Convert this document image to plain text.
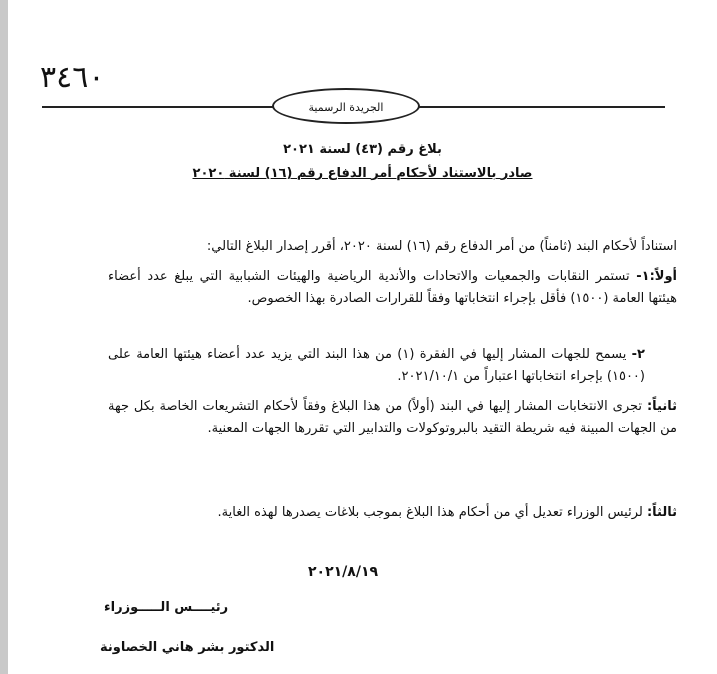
٣٤٦٠
الجريدة الرسمية
بلاغ رقم (٤٣) لسنة ٢٠٢١
صادر بالاستناد لأحكام أمر الدفاع رقم (١٦) لسنة ٢٠٢٠
استناداً لأحكام البند (ثامناً) من أمر الدفاع رقم (١٦) لسنة ٢٠٢٠، أقرر إصدار البلاغ التالي:
أولاً:١- تستمر النقابات والجمعيات والاتحادات والأندية الرياضية والهيئات الشبابية التي يبلغ عدد أعضاء هيئتها العامة (١٥٠٠) فأقل بإجراء انتخاباتها وفقاً للقرارات الصادرة بهذا الخصوص.
٢- يسمح للجهات المشار إليها في الفقرة (١) من هذا البند التي يزيد عدد أعضاء هيئتها العامة على (١٥٠٠) بإجراء انتخاباتها اعتباراً من ٢٠٢١/١٠/١.
ثانياً: تجرى الانتخابات المشار إليها في البند (أولاً) من هذا البلاغ وفقاً لأحكام التشريعات الخاصة بكل جهة من الجهات المبينة فيه شريطة التقيد بالبروتوكولات والتدابير التي تقررها الجهات المعنية.
ثالثاً: لرئيس الوزراء تعديل أي من أحكام هذا البلاغ بموجب بلاغات يصدرها لهذه الغاية.
٢٠٢١/٨/١٩
رئيــــس الـــــوزراء
الدكتور بشر هاني الخصاونة
